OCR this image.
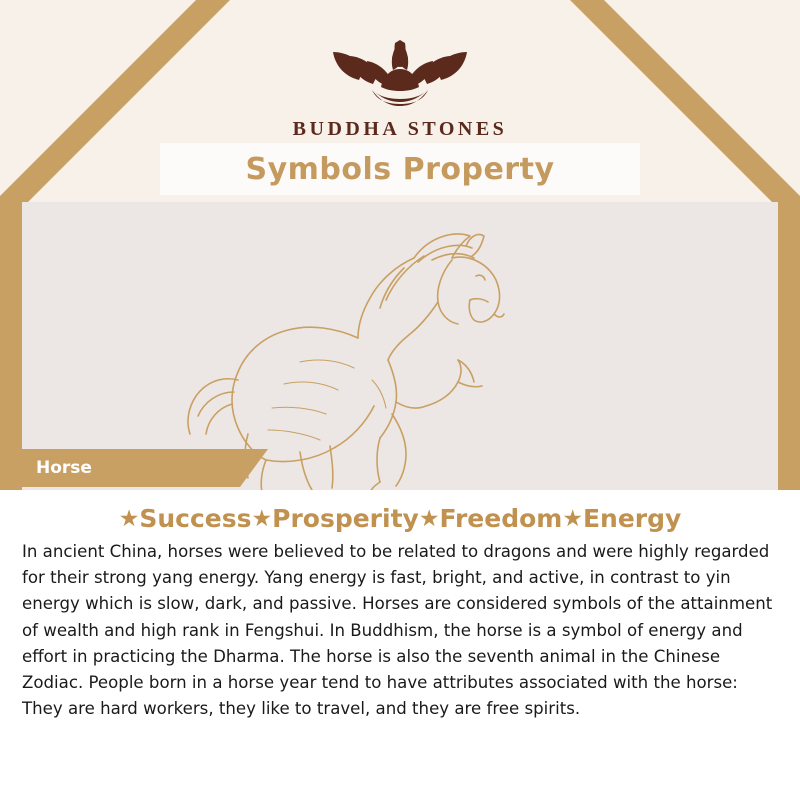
BUDDHA STONES
Symbols Property
Horse
★Success★Prosperity★Freedom★Energy
In ancient China, horses were believed to be related to dragons and were highly regarded for their strong yang energy. Yang energy is fast, bright, and active, in contrast to yin energy which is slow, dark, and passive. Horses are considered symbols of the attainment of wealth and high rank in Fengshui. In Buddhism, the horse is a symbol of energy and effort in practicing the Dharma. The horse is also the seventh animal in the Chinese Zodiac. People born in a horse year tend to have attributes associated with the horse: They are hard workers, they like to travel, and they are free spirits.
